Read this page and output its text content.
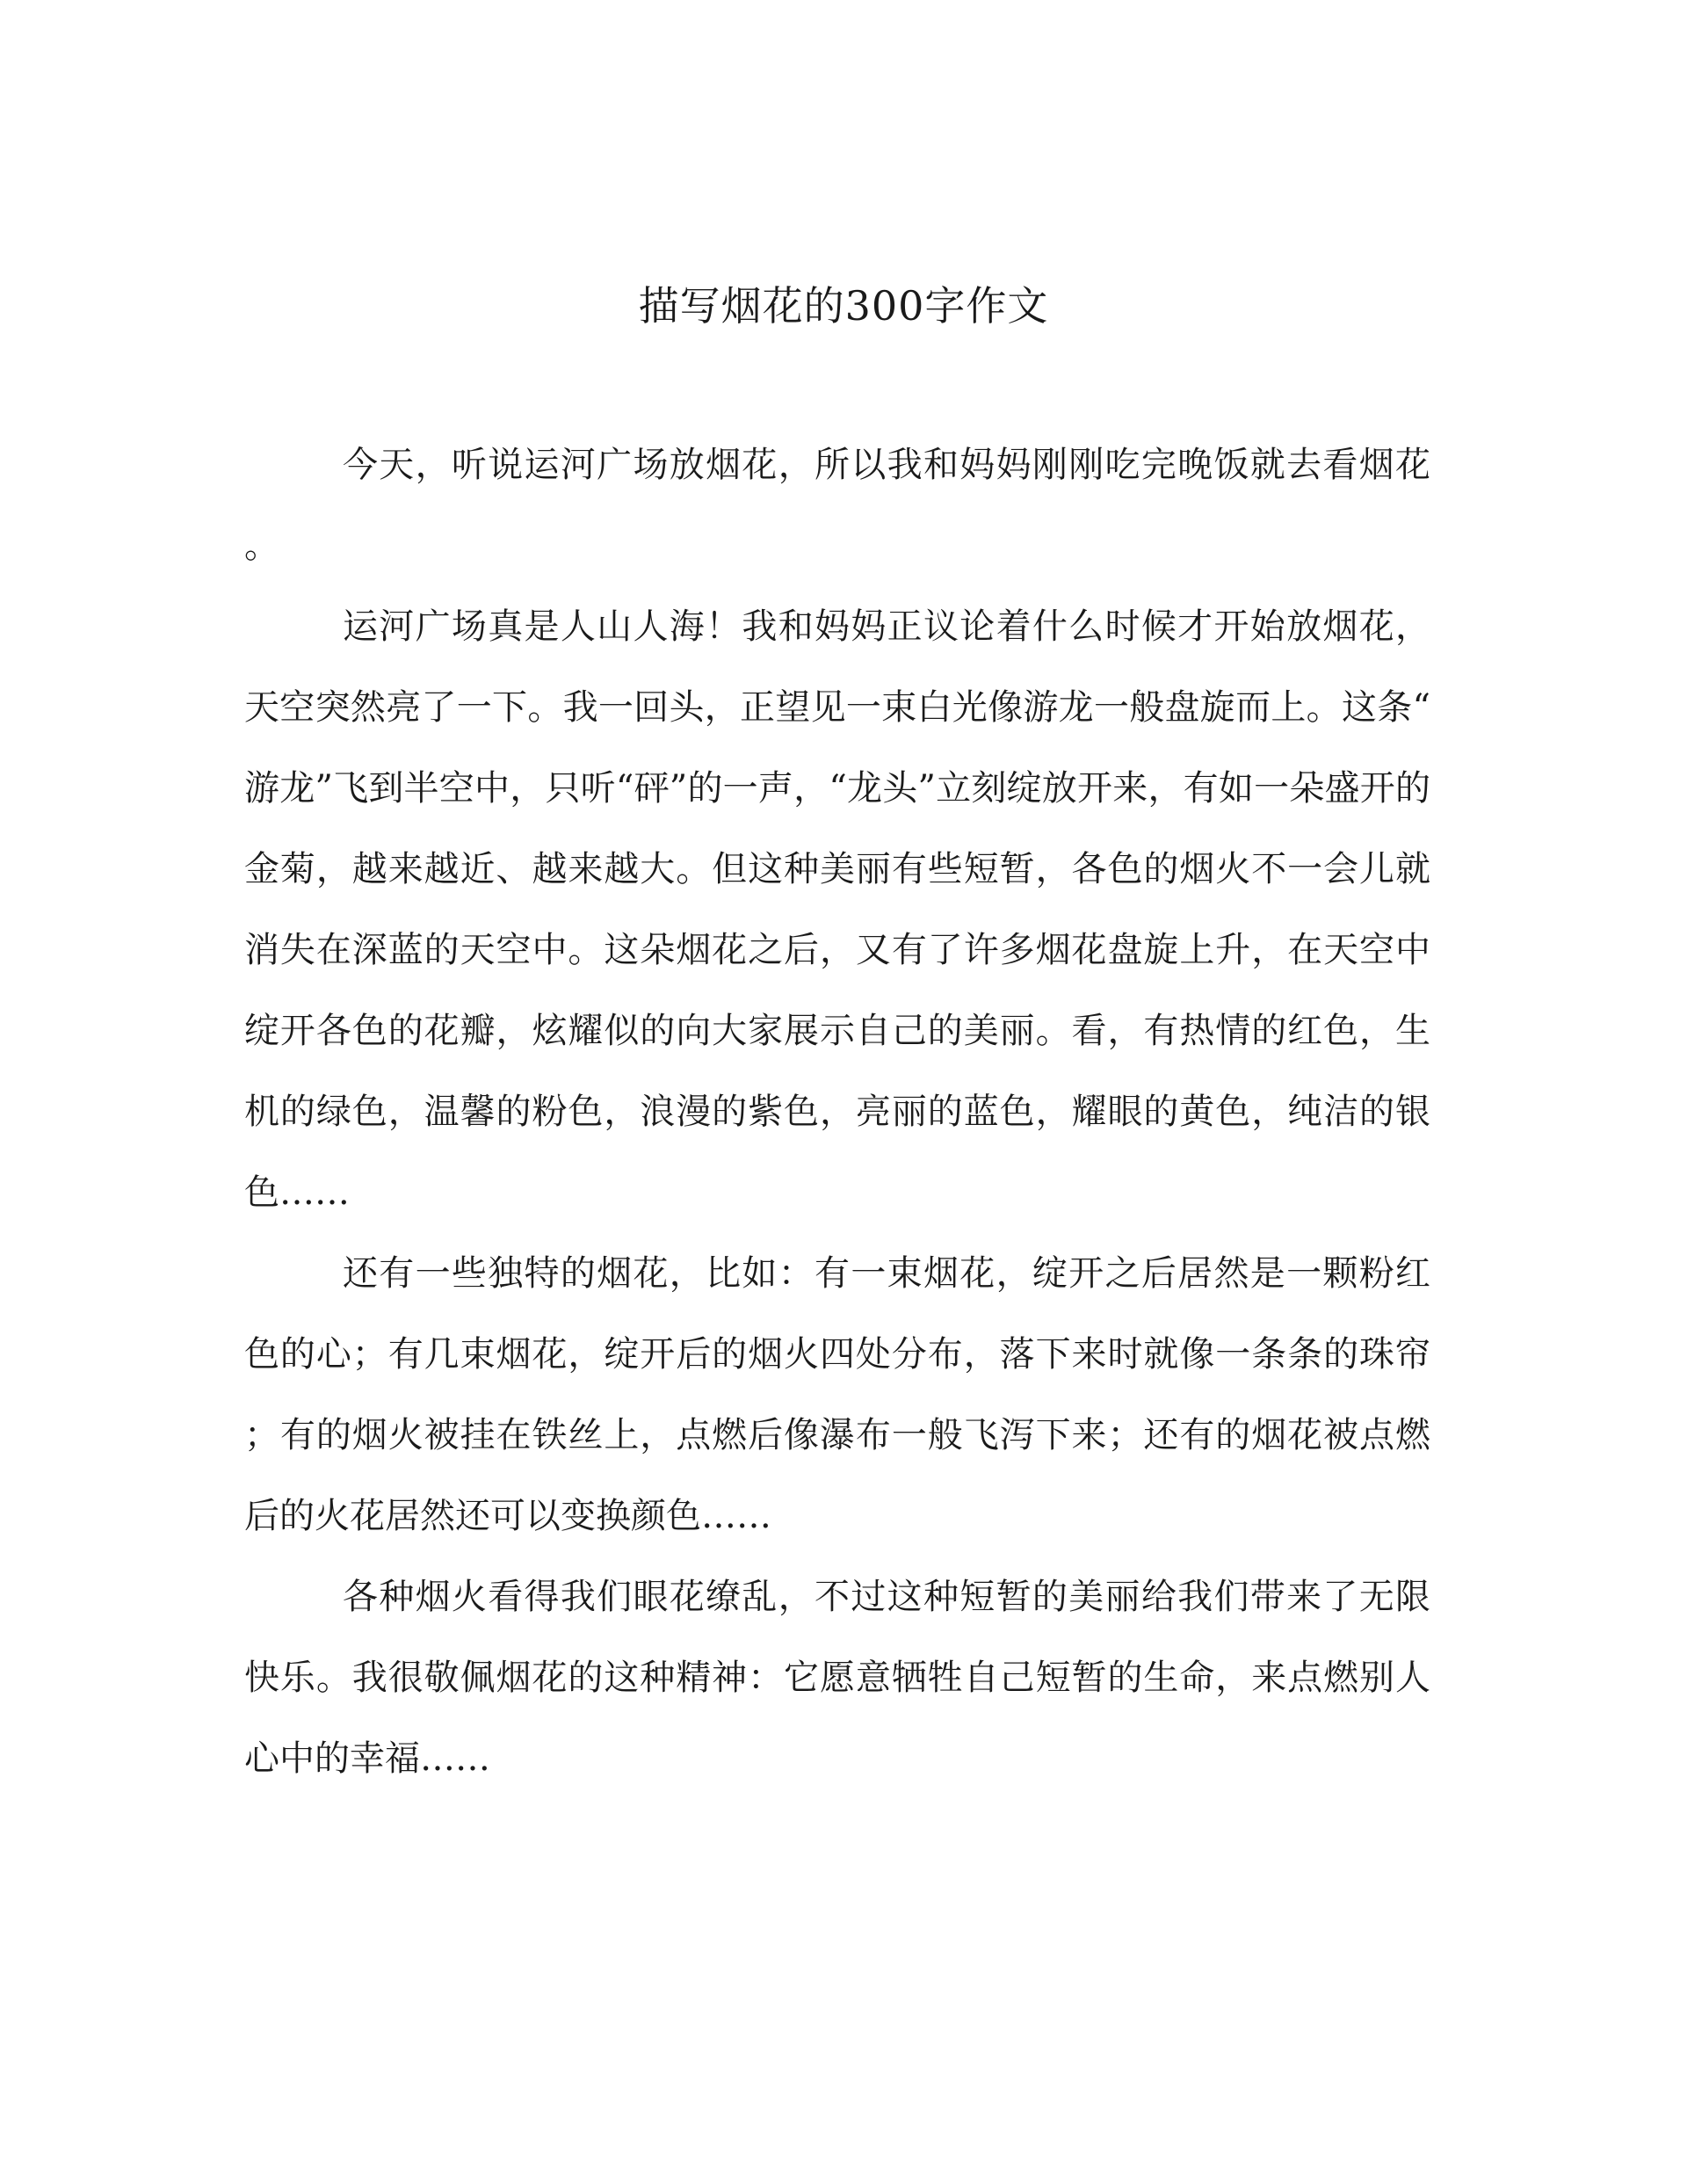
描写烟花的300字作文

今天，听说运河广场放烟花，所以我和妈妈刚刚吃完晚饭就去看烟花。

运河广场真是人山人海！我和妈妈正议论着什么时候才开始放烟花，天空突然亮了一下。我一回头，正望见一束白光像游龙一般盘旋而上。这条“游龙”飞到半空中，只听“砰”的一声，“龙头”立刻绽放开来，有如一朵盛开的金菊，越来越近、越来越大。但这种美丽有些短暂，各色的烟火不一会儿就消失在深蓝的天空中。这朵烟花之后，又有了许多烟花盘旋上升，在天空中绽开各色的花瓣，炫耀似的向大家展示自己的美丽。看，有热情的红色，生机的绿色，温馨的粉色，浪漫的紫色，亮丽的蓝色，耀眼的黄色，纯洁的银色……

还有一些独特的烟花，比如：有一束烟花，绽开之后居然是一颗粉红色的心；有几束烟花，绽开后的烟火四处分布，落下来时就像一条条的珠帘；有的烟火被挂在铁丝上，点燃后像瀑布一般飞泻下来；还有的烟花被点燃后的火花居然还可以变换颜色……

各种烟火看得我们眼花缭乱，不过这种短暂的美丽给我们带来了无限快乐。我很敬佩烟花的这种精神：它愿意牺牲自己短暂的生命，来点燃别人心中的幸福……
